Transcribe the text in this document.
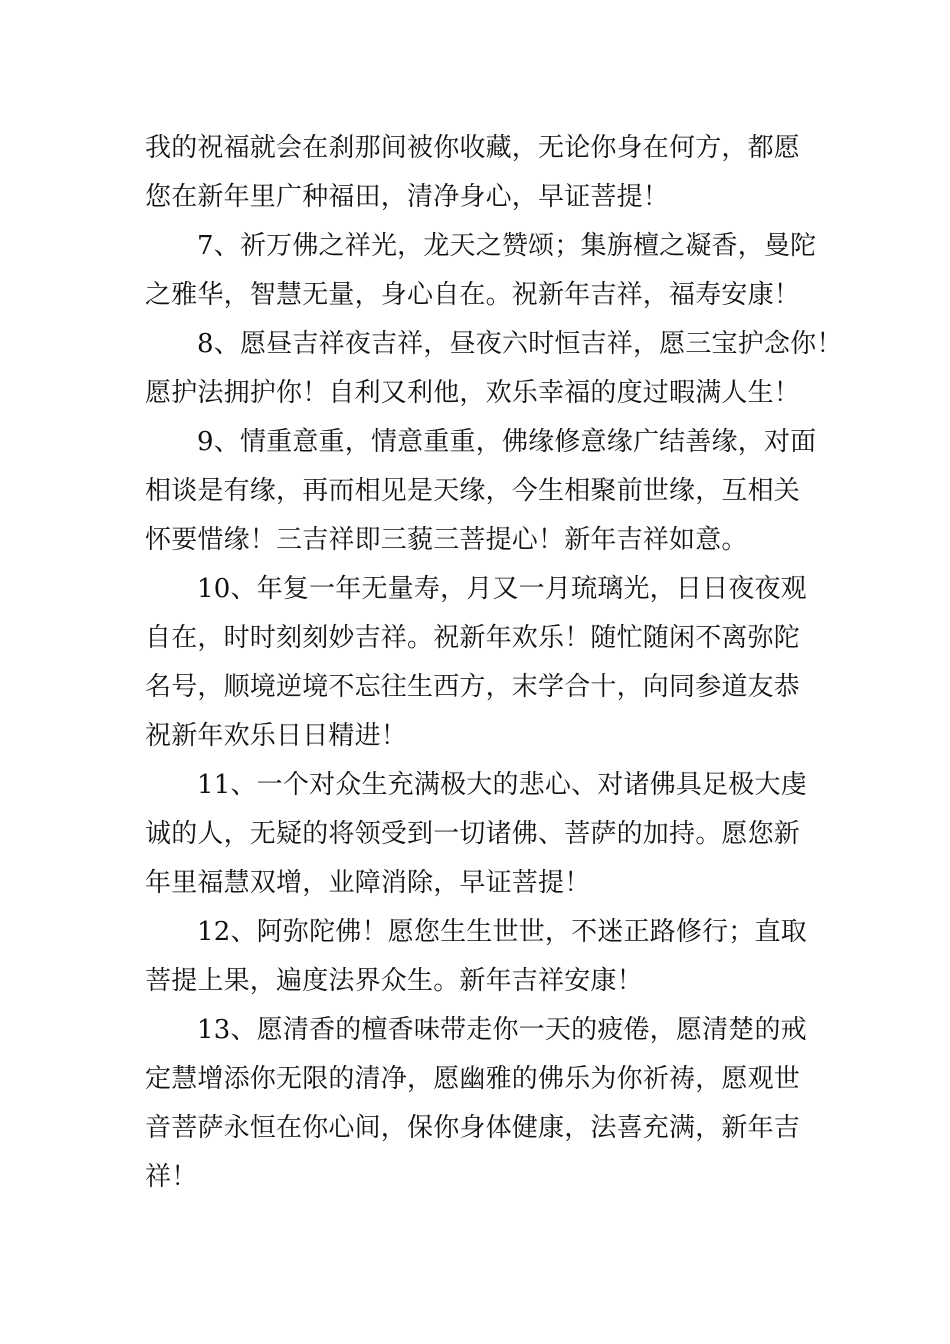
我的祝福就会在刹那间被你收藏，无论你身在何方，都愿
您在新年里广种福田，清净身心，早证菩提！
7、祈万佛之祥光，龙天之赞颂；集旃檀之凝香，曼陀
之雅华，智慧无量，身心自在。祝新年吉祥，福寿安康！
8、愿昼吉祥夜吉祥，昼夜六时恒吉祥，愿三宝护念你！
愿护法拥护你！自利又利他，欢乐幸福的度过暇满人生！
9、情重意重，情意重重，佛缘修意缘广结善缘，对面
相谈是有缘，再而相见是天缘，今生相聚前世缘，互相关
怀要惜缘！三吉祥即三藐三菩提心！新年吉祥如意。
10、年复一年无量寿，月又一月琉璃光，日日夜夜观
自在，时时刻刻妙吉祥。祝新年欢乐！随忙随闲不离弥陀
名号，顺境逆境不忘往生西方，末学合十，向同参道友恭
祝新年欢乐日日精进！
11、一个对众生充满极大的悲心、对诸佛具足极大虔
诚的人，无疑的将领受到一切诸佛、菩萨的加持。愿您新
年里福慧双增，业障消除，早证菩提！
12、阿弥陀佛！愿您生生世世，不迷正路修行；直取
菩提上果，遍度法界众生。新年吉祥安康！
13、愿清香的檀香味带走你一天的疲倦，愿清楚的戒
定慧增添你无限的清净，愿幽雅的佛乐为你祈祷，愿观世
音菩萨永恒在你心间，保你身体健康，法喜充满，新年吉
祥！
